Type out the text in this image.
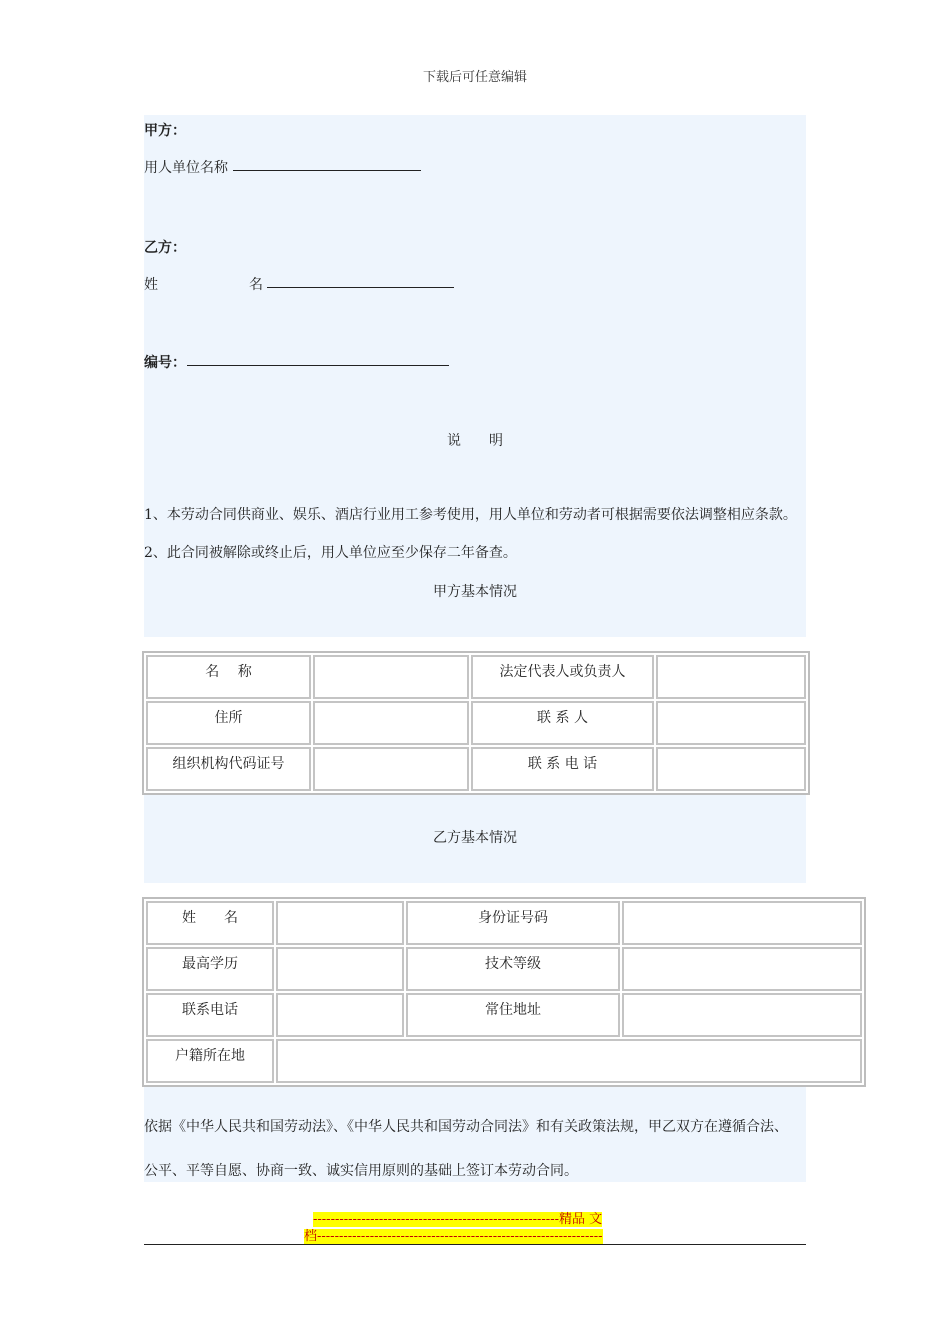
下载后可任意编辑
甲方：
用人单位名称
乙方：
姓	名
编号：
说　　明
1、本劳动合同供商业、娱乐、酒店行业用工参考使用，用人单位和劳动者可根据需要依法调整相应条款。
2、此合同被解除或终止后，用人单位应至少保存二年备查。
甲方基本情况
名　 称		法定代表人或负责人	
住所		联 系 人	
组织机构代码证号		联 系 电 话	
乙方基本情况
姓　　名		身份证号码	
最高学历		技术等级	
联系电话		常住地址	
户籍所在地			
依据《中华人民共和国劳动法》、《中华人民共和国劳动合同法》和有关政策法规，甲乙双方在遵循合法、
公平、平等自愿、协商一致、诚实信用原则的基础上签订本劳动合同。
--------------------------------------------------------精品 文
档-----------------------------------------------------------------
